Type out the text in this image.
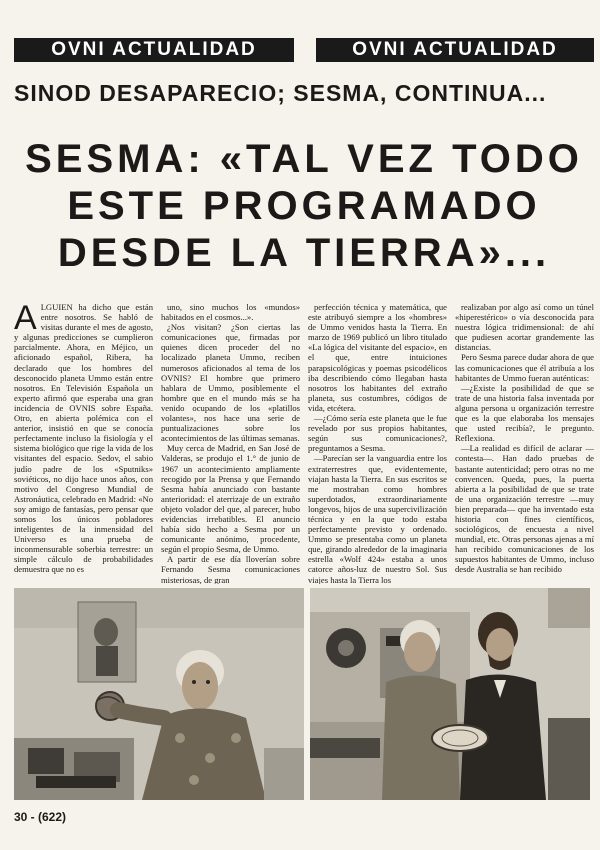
OVNI ACTUALIDAD	OVNI ACTUALIDAD
SINOD DESAPARECIO; SESMA, CONTINUA...
SESMA: «TAL VEZ TODO
ESTE PROGRAMADO
DESDE LA TIERRA»...

ALGUIEN ha dicho que están entre nosotros. Se habló de visitas durante el mes de agosto, y algunas predicciones se cumplieron parcialmente. Ahora, en Méjico, un aficionado español, Ribera, ha declarado que los hombres del desconocido planeta Ummo están entre nosotros. En Televisión Española un experto afirmó que esperaba una gran incidencia de OVNIS sobre España. Otro, en abierta polémica con el anterior, insistió en que se conocía perfectamente incluso la fisiología y el sistema biológico que rige la vida de los visitantes del espacio. Sedov, el sabio judío padre de los «Sputniks» soviéticos, no dijo hace unos años, con motivo del Congreso Mundial de Astronáutica, celebrado en Madrid: «No soy amigo de fantasías, pero pensar que somos los únicos pobladores inteligentes de la inmensidad del Universo es una prueba de inconmensurable soberbia terrestre: un simple cálculo de probabilidades demuestra que no es

uno, sino muchos los «mundos» habitados en el cosmos...».

¿Nos visitan? ¿Son ciertas las comunicaciones que, firmadas por quienes dicen proceder del no localizado planeta Ummo, reciben numerosos aficionados al tema de los OVNIS? El hombre que primero hablara de Ummo, posiblemente el hombre que en el mundo más se ha venido ocupando de los «platillos volantes», nos hace una serie de puntualizaciones sobre los acontecimientos de las últimas semanas.

Muy cerca de Madrid, en San José de Valderas, se produjo el 1.° de junio de 1967 un acontecimiento ampliamente recogido por la Prensa y que Fernando Sesma había anunciado con bastante anterioridad: el aterrizaje de un extraño objeto volador del que, al parecer, hubo evidencias irrebatibles. El anuncio había sido hecho a Sesma por un comunicante anónimo, procedente, según el propio Sesma, de Ummo.

A partir de ese día lloverían sobre Fernando Sesma comunicaciones misteriosas, de gran

perfección técnica y matemática, que este atribuyó siempre a los «hombres» de Ummo venidos hasta la Tierra. En marzo de 1969 publicó un libro titulado «La lógica del visitante del espacio», en el que, entre intuiciones parapsicológicas y poemas psicodélicos iba describiendo cómo llegaban hasta nosotros los habitantes del extraño planeta, sus costumbres, códigos de vida, etcétera.

—¿Cómo sería este planeta que le fue revelado por sus propios habitantes, según sus comunicaciones?, preguntamos a Sesma.

—Parecían ser la vanguardia entre los extraterrestres que, evidentemente, viajan hasta la Tierra. En sus escritos se me mostraban como hombres superdotados, extraordinariamente longevos, hijos de una supercivilización técnica y en la que todo estaba perfectamente previsto y ordenado. Ummo se presentaba como un planeta que, girando alrededor de la imaginaria estrella «Wolf 424» estaba a unos catorce años-luz de nuestro Sol. Sus viajes hasta la Tierra los

realizaban por algo así como un túnel «hiperestérico» o vía desconocida para nuestra lógica tridimensional: de ahí que pudiesen acortar grandemente las distancias.

Pero Sesma parece dudar ahora de que las comunicaciones que él atribuía a los habitantes de Ummo fueran auténticas:

—¿Existe la posibilidad de que se trate de una historia falsa inventada por alguna persona u organización terrestre que es la que elaboraba los mensajes que usted recibía?, le pregunto. Reflexiona.

—La realidad es difícil de aclarar —contesta—. Han dado pruebas de bastante autenticidad; pero otras no me convencen. Queda, pues, la puerta abierta a la posibilidad de que se trate de una organización terrestre —muy bien preparada— que ha inventado esta historia con fines científicos, sociológicos, de encuesta a nivel mundial, etc. Otras personas ajenas a mí han recibido comunicaciones de los supuestos habitantes de Ummo, incluso desde Australia se han recibido

30 - (622)
